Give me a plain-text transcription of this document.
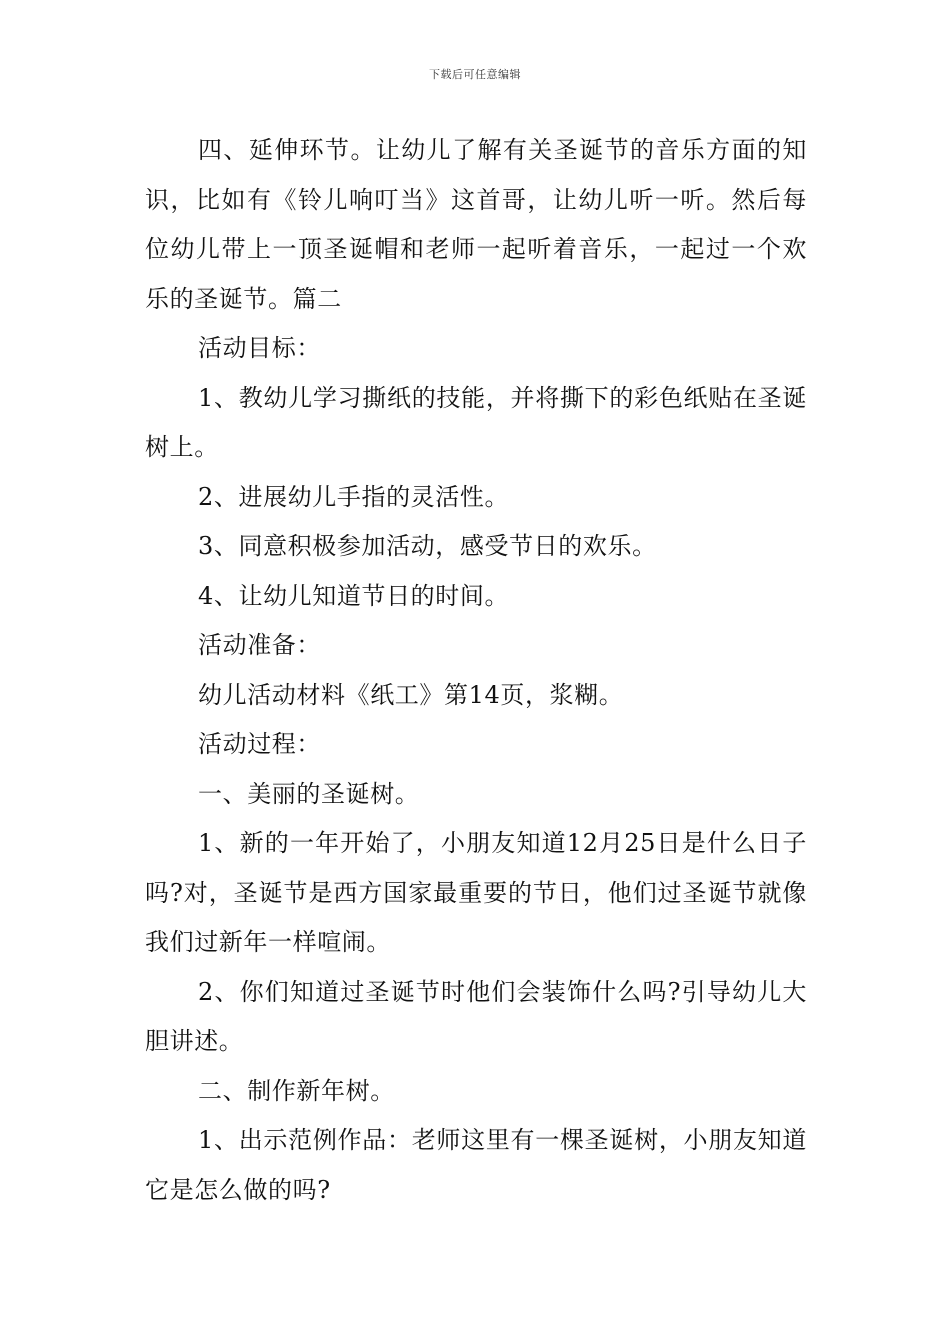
下载后可任意编辑

四、延伸环节。让幼儿了解有关圣诞节的音乐方面的知识，比如有《铃儿响叮当》这首哥，让幼儿听一听。然后每位幼儿带上一顶圣诞帽和老师一起听着音乐，一起过一个欢乐的圣诞节。篇二

活动目标：

1、教幼儿学习撕纸的技能，并将撕下的彩色纸贴在圣诞树上。

2、进展幼儿手指的灵活性。

3、同意积极参加活动，感受节日的欢乐。

4、让幼儿知道节日的时间。

活动准备：

幼儿活动材料《纸工》第14页，浆糊。

活动过程：

一、美丽的圣诞树。

1、新的一年开始了，小朋友知道12月25日是什么日子吗?对，圣诞节是西方国家最重要的节日，他们过圣诞节就像我们过新年一样喧闹。

2、你们知道过圣诞节时他们会装饰什么吗?引导幼儿大胆讲述。

二、制作新年树。

1、出示范例作品：老师这里有一棵圣诞树，小朋友知道它是怎么做的吗?
